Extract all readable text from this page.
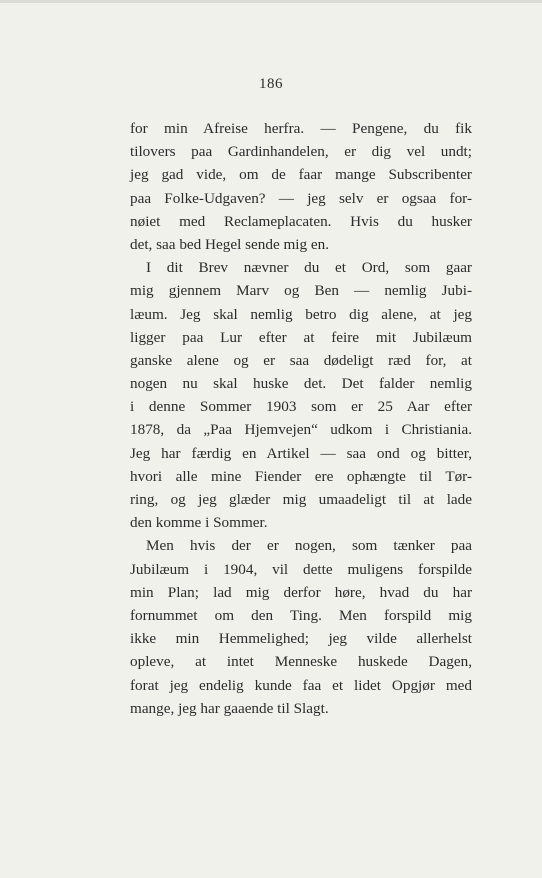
186
for min Afreise herfra. — Pengene, du fik
tilovers paa Gardinhandelen, er dig vel undt;
jeg gad vide, om de faar mange Subscribenter
paa Folke-Udgaven? — jeg selv er ogsaa for-
nøiet med Reclameplacaten. Hvis du husker
det, saa bed Hegel sende mig en.
I dit Brev nævner du et Ord, som gaar
mig gjennem Marv og Ben — nemlig Jubi-
læum. Jeg skal nemlig betro dig alene, at jeg
ligger paa Lur efter at feire mit Jubilæum
ganske alene og er saa dødeligt ræd for, at
nogen nu skal huske det. Det falder nemlig
i denne Sommer 1903 som er 25 Aar efter
1878, da „Paa Hjemvejen“ udkom i Christiania.
Jeg har færdig en Artikel — saa ond og bitter,
hvori alle mine Fiender ere ophængte til Tør-
ring, og jeg glæder mig umaadeligt til at lade
den komme i Sommer.
Men hvis der er nogen, som tænker paa
Jubilæum i 1904, vil dette muligens forspilde
min Plan; lad mig derfor høre, hvad du har
fornummet om den Ting. Men forspild mig
ikke min Hemmelighed; jeg vilde allerhelst
opleve, at intet Menneske huskede Dagen,
forat jeg endelig kunde faa et lidet Opgjør med
mange, jeg har gaaende til Slagt.
